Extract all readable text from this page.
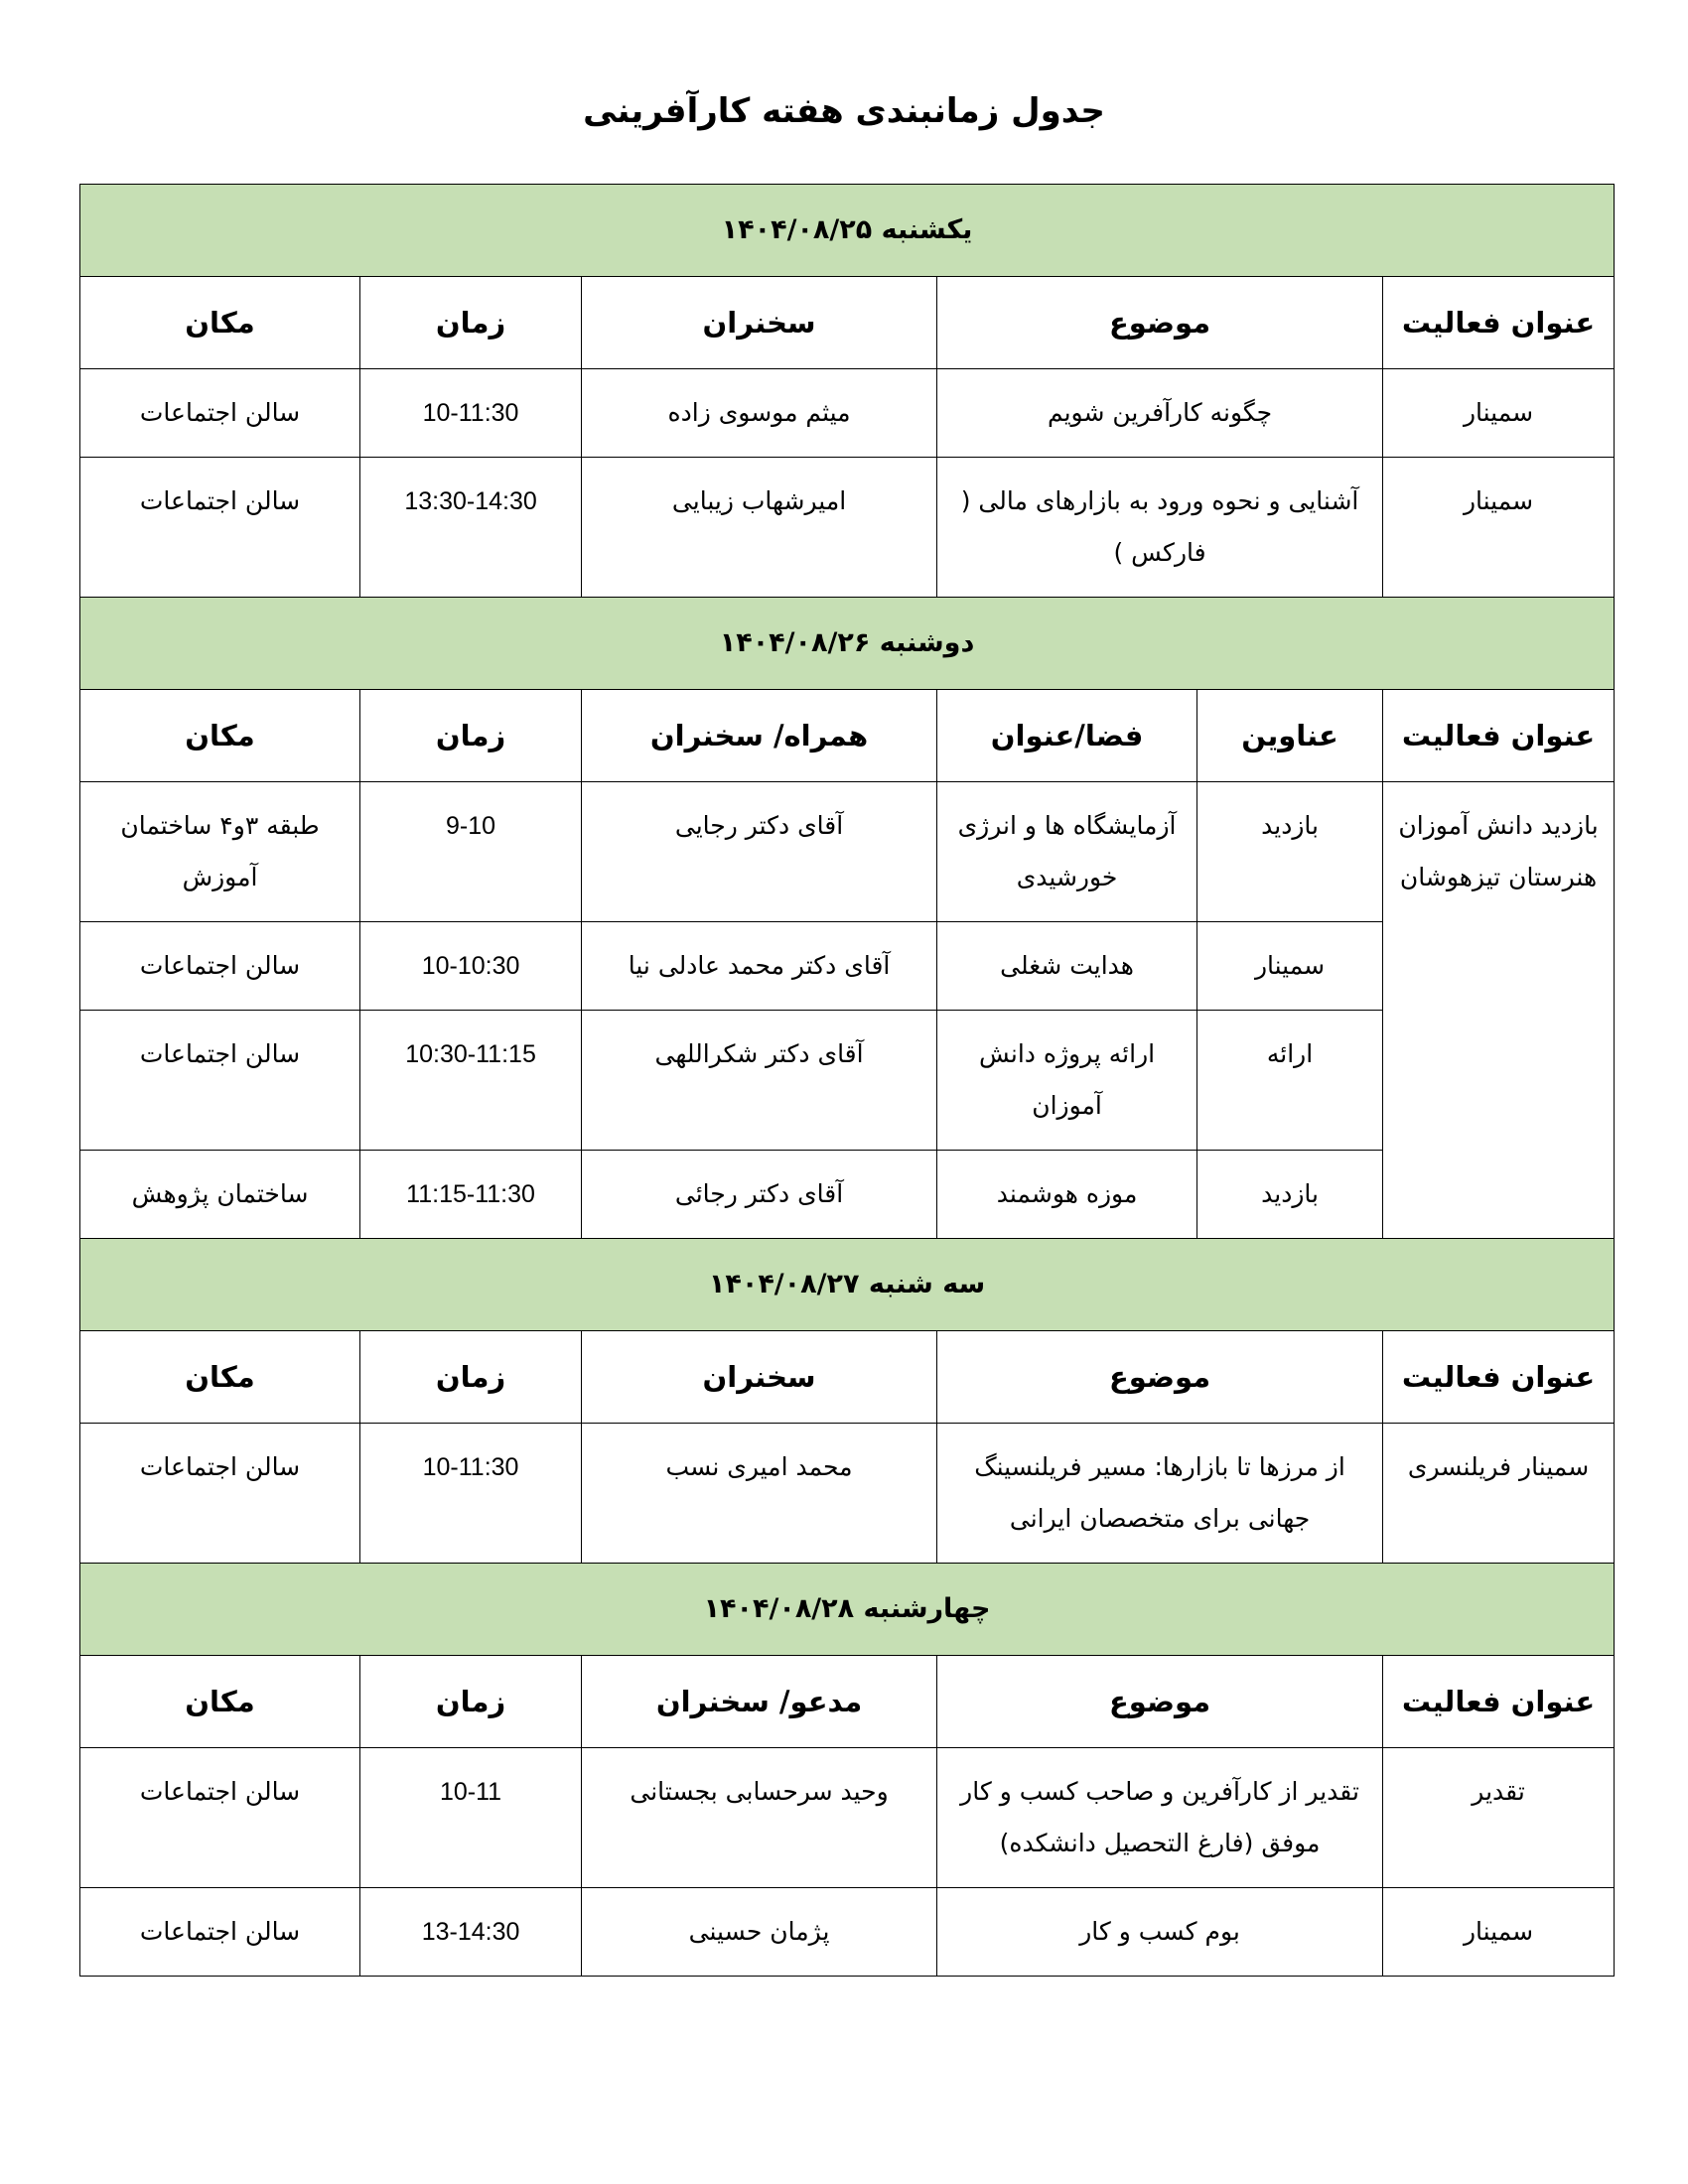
جدول زمانبندی هفته کارآفرینی
یکشنبه ۱۴۰۴/۰۸/۲۵					
عنوان فعالیت	موضوع		سخنران	زمان	مکان
سمینار	چگونه کارآفرین شویم		میثم موسوی زاده	10-11:30	سالن اجتماعات
سمینار	آشنایی و نحوه ورود به بازارهای مالی ( فارکس )		امیرشهاب زیبایی	13:30-14:30	سالن اجتماعات
دوشنبه ۱۴۰۴/۰۸/۲۶					
عنوان فعالیت	عناوین	فضا/عنوان	همراه/ سخنران	زمان	مکان
بازدید دانش آموزان هنرستان تیزهوشان	بازدید	آزمایشگاه ها و انرژی خورشیدی	آقای دکتر رجایی	9-10	طبقه ۳و۴ ساختمان آموزش
	سمینار	هدایت شغلی	آقای دکتر محمد عادلی نیا	10-10:30	سالن اجتماعات
	ارائه	ارائه پروژه دانش آموزان	آقای دکتر شکراللهی	10:30-11:15	سالن اجتماعات
	بازدید	موزه هوشمند	آقای دکتر رجائی	11:15-11:30	ساختمان پژوهش
سه شنبه ۱۴۰۴/۰۸/۲۷					
عنوان فعالیت	موضوع		سخنران	زمان	مکان
سمینار فریلنسری	از مرزها تا بازارها: مسیر فریلنسینگ جهانی برای متخصصان ایرانی		محمد امیری نسب	10-11:30	سالن اجتماعات
چهارشنبه ۱۴۰۴/۰۸/۲۸					
عنوان فعالیت	موضوع		مدعو/ سخنران	زمان	مکان
تقدیر	تقدیر از کارآفرین و صاحب کسب و کار موفق (فارغ التحصیل دانشکده)		وحید سرحسابی بجستانی	10-11	سالن اجتماعات
سمینار	بوم کسب و کار		پژمان حسینی	13-14:30	سالن اجتماعات
